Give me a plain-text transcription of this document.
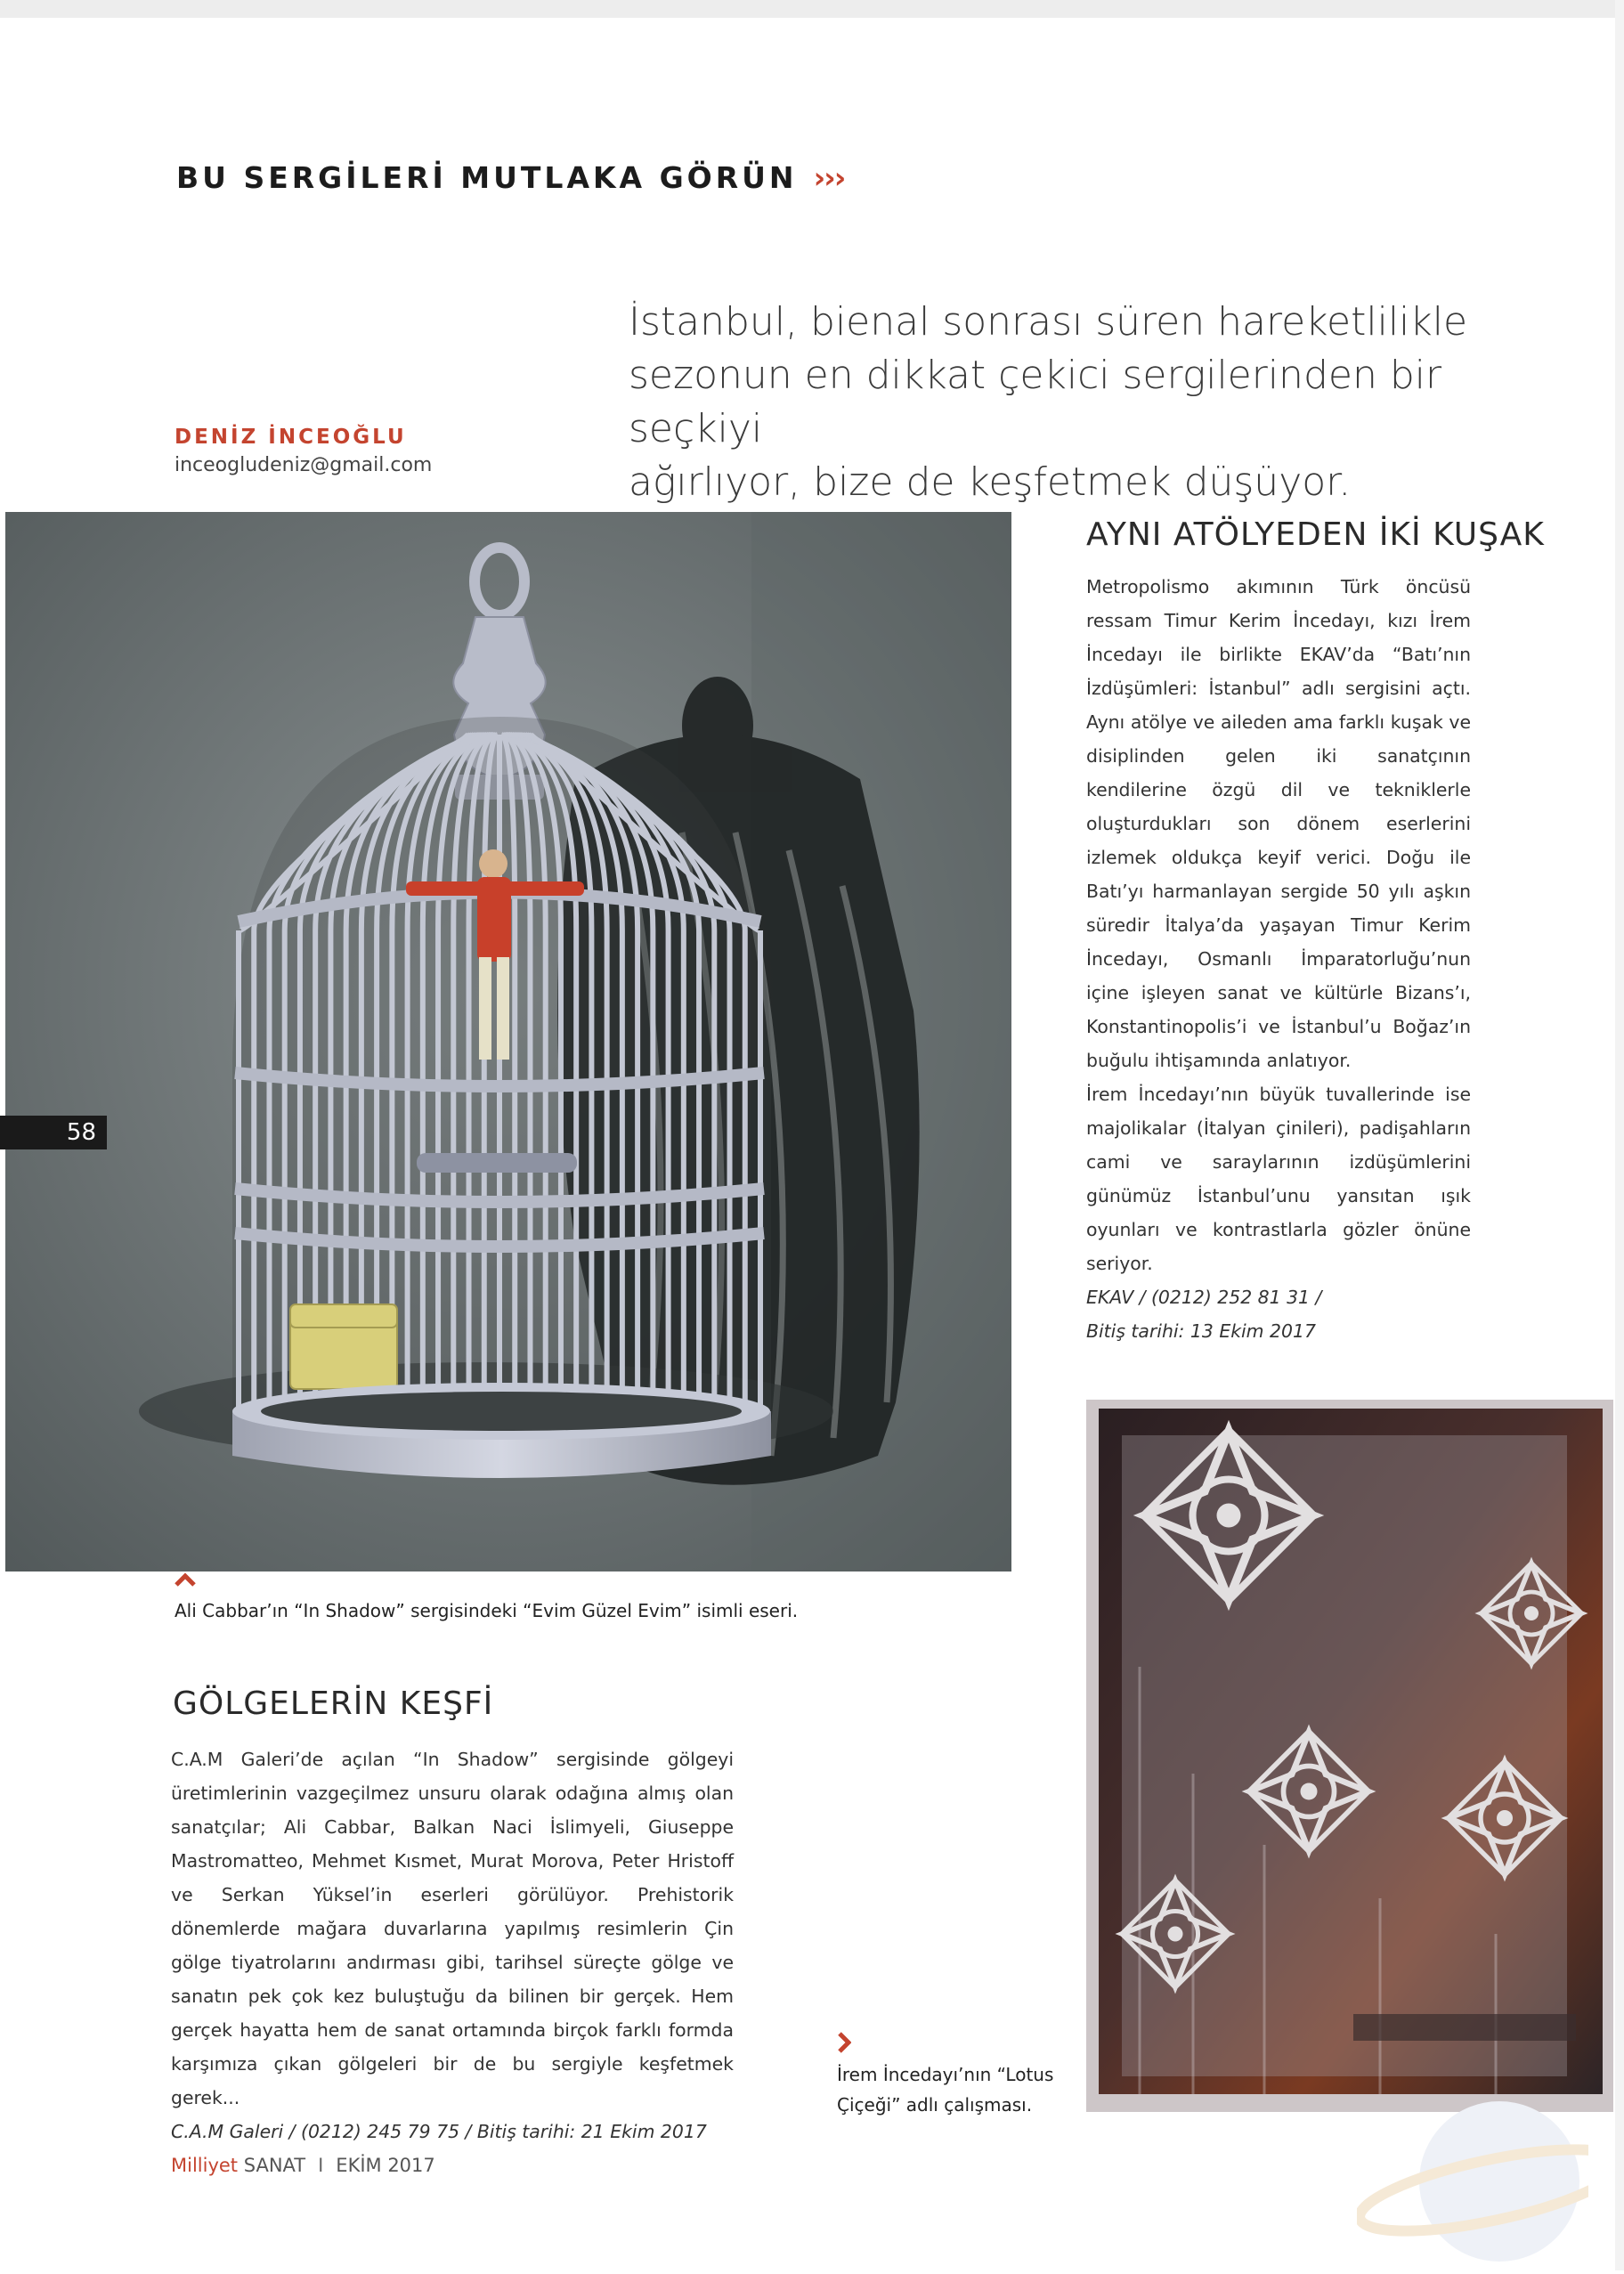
BU SERGİLERİ MUTLAKA GÖRÜN ›››
İstanbul, bienal sonrası süren hareketlilikle
sezonun en dikkat çekici sergilerinden bir seçkiyi
ağırlıyor, bize de keşfetmek düşüyor.
DENİZ İNCEOĞLU
inceogludeniz@gmail.com
58
Ali Cabbar’ın “In Shadow” sergisindeki “Evim Güzel Evim” isimli eseri.
AYNI ATÖLYEDEN İKİ KUŞAK

Metropolismo akımının Türk öncüsü ressam Timur Kerim İncedayı, kızı İrem İncedayı ile birlikte EKAV’da “Batı’nın İzdüşümleri: İstanbul” adlı sergisini açtı. Aynı atölye ve aileden ama farklı kuşak ve disiplinden gelen iki sanatçının kendilerine özgü dil ve tekniklerle oluşturdukları son dönem eserlerini izlemek oldukça keyif verici. Doğu ile Batı’yı harmanlayan sergide 50 yılı aşkın süredir İtalya’da yaşayan Timur Kerim İncedayı, Osmanlı İmparatorluğu’nun içine işleyen sanat ve kültürle Bizans’ı, Konstantinopolis’i ve İstanbul’u Boğaz’ın buğulu ihtişamında anlatıyor.

İrem İncedayı’nın büyük tuvallerinde ise majolikalar (İtalyan çinileri), padişahların cami ve saraylarının izdüşümlerini günümüz İstanbul’unu yansıtan ışık oyunları ve kontrastlarla gözler önüne seriyor.

EKAV / (0212) 252 81 31 /

Bitiş tarihi: 13 Ekim 2017

GÖLGELERİN KEŞFİ

C.A.M Galeri’de açılan “In Shadow” sergisinde gölgeyi üretimlerinin vazgeçilmez unsuru olarak odağına almış olan sanatçılar; Ali Cabbar, Balkan Naci İslimyeli, Giuseppe Mastromatteo, Mehmet Kısmet, Murat Morova, Peter Hristoff ve Serkan Yüksel’in eserleri görülüyor. Prehistorik dönemlerde mağara duvarlarına yapılmış resimlerin Çin gölge tiyatrolarını andırması gibi, tarihsel süreçte gölge ve sanatın pek çok kez buluştuğu da bilinen bir gerçek. Hem gerçek hayatta hem de sanat ortamında birçok farklı formda karşımıza çıkan gölgeleri bir de bu sergiyle keşfetmek gerek...

C.A.M Galeri / (0212) 245 79 75 / Bitiş tarihi: 21 Ekim 2017

İrem İncedayı’nın “Lotus Çiçeği” adlı çalışması.
Milliyet SANAT I EKİM 2017
